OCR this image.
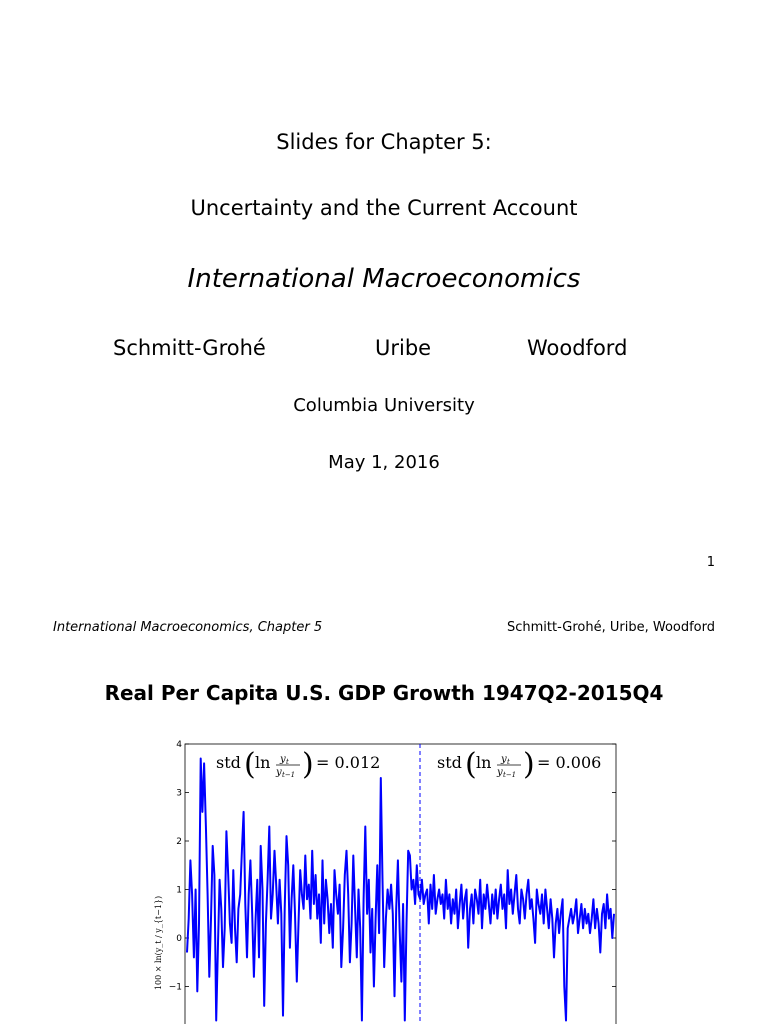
Slides for Chapter 5:
Uncertainty and the Current Account
International Macroeconomics
Schmitt-Grohé	Uribe	Woodford
Columbia University
May 1, 2016
1
International Macroeconomics, Chapter 5	Schmitt-Grohé, Uribe, Woodford
Real Per Capita U.S. GDP Growth 1947Q2-2015Q4
4
3
2
1
0
−1
std ( ln y t
y t−1 ) = 0.012	std ( ln y t
y t−1 ) = 0.006
100 × ln(y_t / y_{t−1})
